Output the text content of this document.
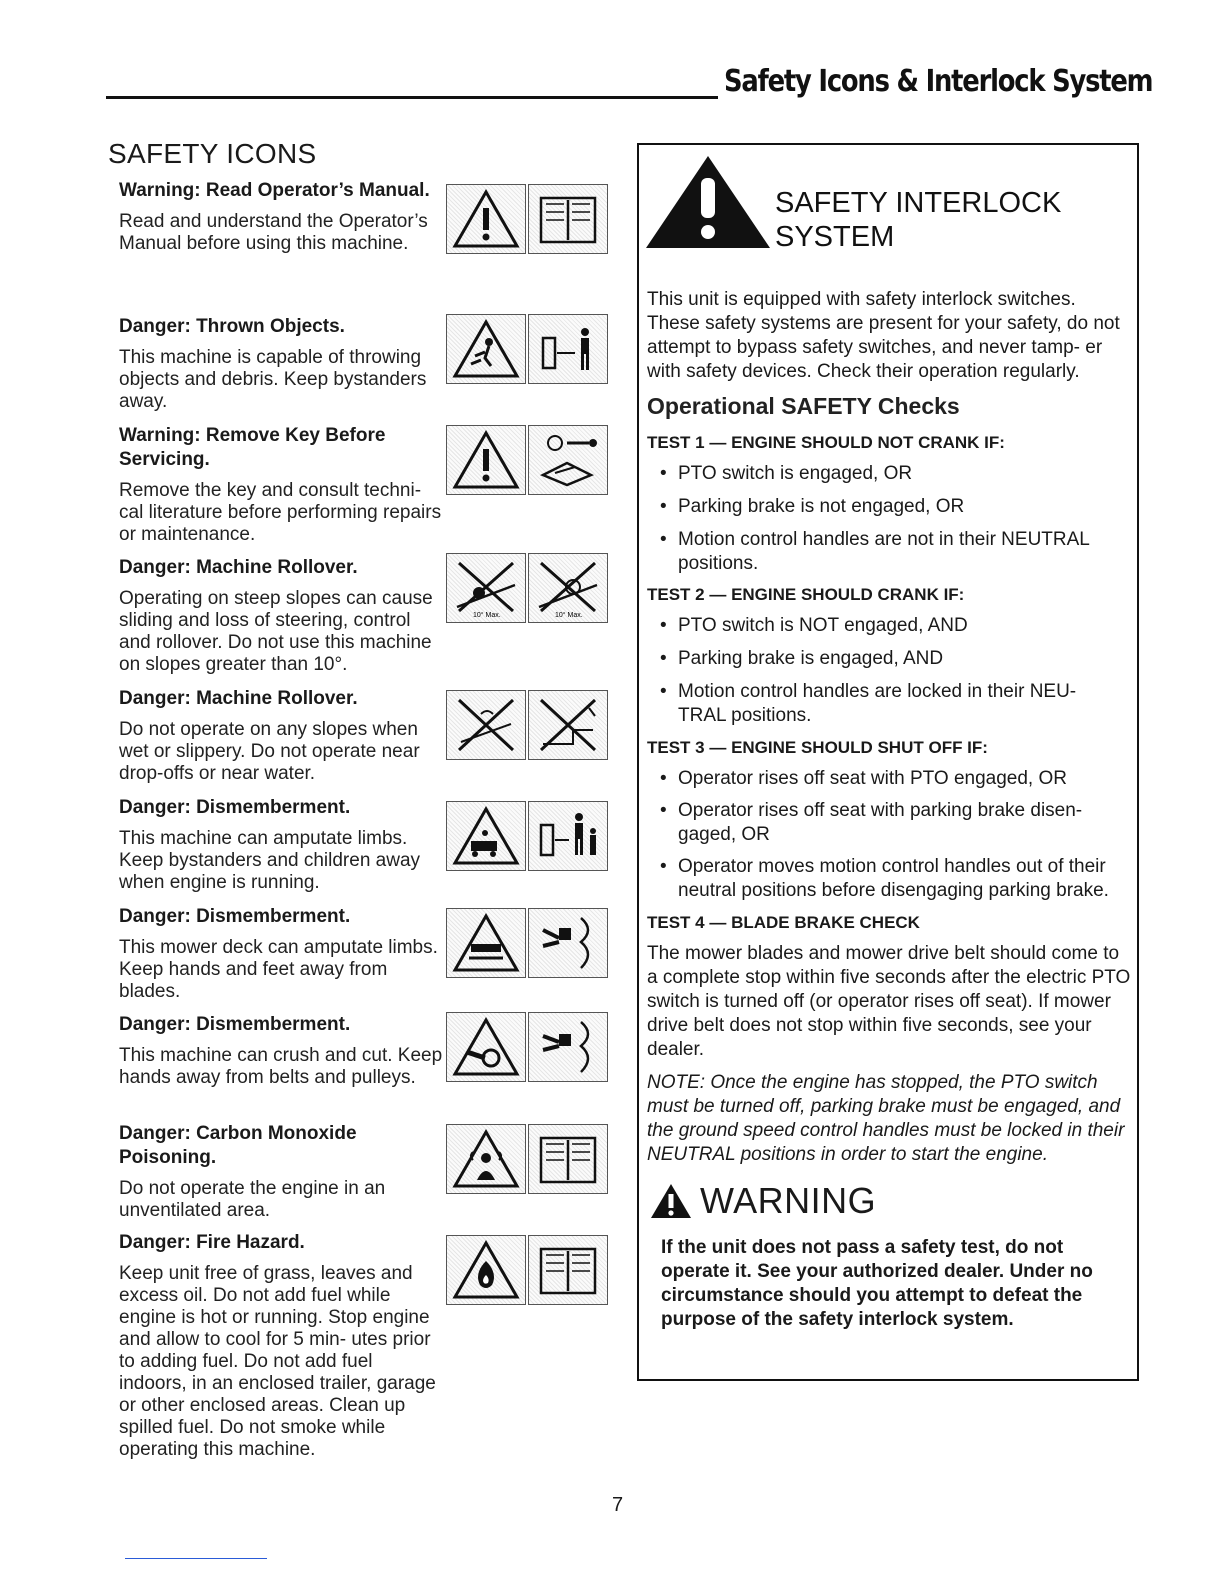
Safety Icons & Interlock System
SAFETY ICONS
Warning: Read Operator’s Manual.
Read and understand the Operator’s Manual before using this machine.
Danger: Thrown Objects.
This machine is capable of throwing objects and debris. Keep bystanders away.
Warning: Remove Key Before Servicing.
Remove the key and consult techni- cal literature before performing repairs or maintenance.
Danger: Machine Rollover.
Operating on steep slopes can cause sliding and loss of steering, control and rollover. Do not use this machine on slopes greater than 10°.
10° Max.	10° Max.
Danger: Machine Rollover.
Do not operate on any slopes when wet or slippery. Do not operate near drop-offs or near water.
Danger: Dismemberment.
This machine can amputate limbs. Keep bystanders and children away when engine is running.
Danger: Dismemberment.
This mower deck can amputate limbs. Keep hands and feet away from blades.
Danger: Dismemberment.
This machine can crush and cut. Keep hands away from belts and pulleys.
Danger: Carbon Monoxide Poisoning.
Do not operate the engine in an unventilated area.
Danger: Fire Hazard.
Keep unit free of grass, leaves and excess oil. Do not add fuel while engine is hot or running. Stop engine and allow to cool for 5 min- utes prior to adding fuel. Do not add fuel indoors, in an enclosed trailer, garage or other enclosed areas. Clean up spilled fuel. Do not smoke while operating this machine.
SAFETY INTERLOCK
SYSTEM
This unit is equipped with safety interlock switches. These safety systems are present for your safety, do not attempt to bypass safety switches, and never tamp- er with safety devices. Check their operation regularly.
Operational SAFETY Checks
TEST 1 — ENGINE SHOULD NOT CRANK IF:
• PTO switch is engaged, OR
• Parking brake is not engaged, OR
• Motion control handles are not in their NEUTRAL positions.
TEST 2 — ENGINE SHOULD CRANK IF:
• PTO switch is NOT engaged, AND
• Parking brake is engaged, AND
• Motion control handles are locked in their NEU- TRAL positions.
TEST 3 — ENGINE SHOULD SHUT OFF IF:
• Operator rises off seat with PTO engaged, OR
• Operator rises off seat with parking brake disen- gaged, OR
• Operator moves motion control handles out of their neutral positions before disengaging parking brake.
TEST 4 — BLADE BRAKE CHECK
The mower blades and mower drive belt should come to a complete stop within five seconds after the electric PTO switch is turned off (or operator rises off seat). If mower drive belt does not stop within five seconds, see your dealer.
NOTE: Once the engine has stopped, the PTO switch must be turned off, parking brake must be engaged, and the ground speed control handles must be locked in their NEUTRAL positions in order to start the engine.
WARNING
If the unit does not pass a safety test, do not operate it. See your authorized dealer. Under no circumstance should you attempt to defeat the purpose of the safety interlock system.
7
